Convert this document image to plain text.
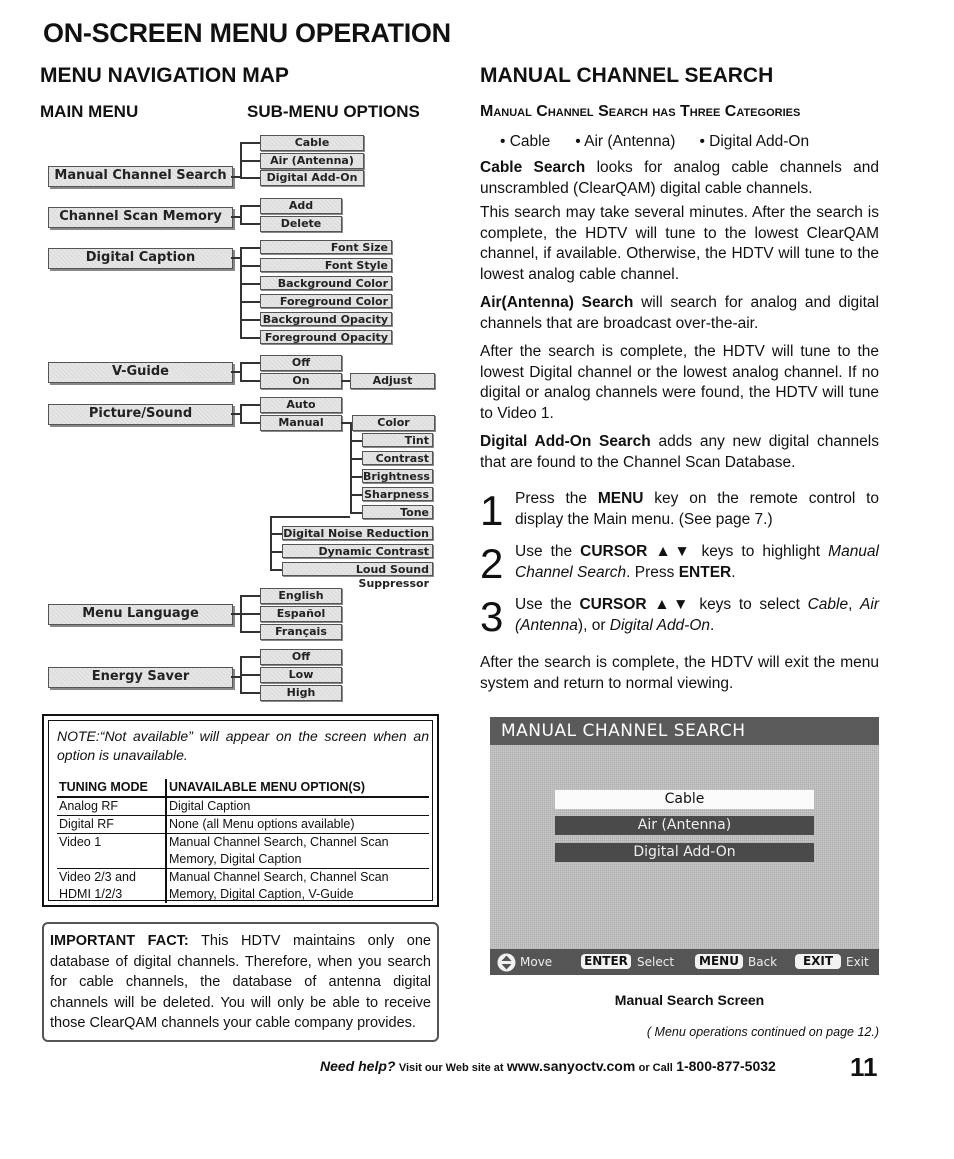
ON-SCREEN MENU OPERATION
MENU NAVIGATION MAP	MANUAL CHANNEL SEARCH
MAIN MENU	SUB-MENU OPTIONS
Manual Channel Search
Cable
Air (Antenna)
Digital Add-On
Channel Scan Memory
Add
Delete
Digital Caption
Font Size
Font Style
Background Color
Foreground Color
Background Opacity
Foreground Opacity
V-Guide
Off
On	Adjust
Picture/Sound
Auto
Manual	Color
Tint
Contrast
Brightness
Sharpness
Tone
Digital Noise Reduction
Dynamic Contrast
Loud Sound Suppressor
Menu Language
English
Español
Français
Energy Saver
Off
Low
High
NOTE:“Not available” will appear on the screen when an option is unavailable.
TUNING MODE	UNAVAILABLE MENU OPTION(S)
Analog RF	Digital Caption
Digital RF	None (all Menu options available)
Video 1	Manual Channel Search, Channel Scan Memory, Digital Caption
Video 2/3 and HDMI 1/2/3	Manual Channel Search, Channel Scan Memory, Digital Caption, V-Guide
IMPORTANT FACT: This HDTV maintains only one database of digital channels. Therefore, when you search for cable channels, the database of antenna digital channels will be deleted. You will only be able to receive those ClearQAM channels your cable company provides.
Manual Channel Search has Three Categories
• Cable • Air (Antenna) • Digital Add-On

Cable Search looks for analog cable channels and unscrambled (ClearQAM) digital cable channels.

This search may take several minutes. After the search is complete, the HDTV will tune to the lowest ClearQAM channel, if available. Otherwise, the HDTV will tune to the lowest analog cable channel.

Air(Antenna) Search will search for analog and digital channels that are broadcast over-the-air.

After the search is complete, the HDTV will tune to the lowest Digital channel or the lowest analog channel. If no digital or analog channels were found, the HDTV will tune to Video 1.

Digital Add-On Search adds any new digital channels that are found to the Channel Scan Database.

1 Press the MENU key on the remote control to display the Main menu. (See page 7.)

2 Use the CURSOR ▲▼ keys to highlight Manual Channel Search. Press ENTER.

3 Use the CURSOR ▲▼ keys to select Cable, Air (Antenna), or Digital Add-On.

After the search is complete, the HDTV will exit the menu system and return to normal viewing.

MANUAL CHANNEL SEARCH
Cable
Air (Antenna)
Digital Add-On
Move	ENTER Select	MENU Back	EXIT	Exit
Manual Search Screen
( Menu operations continued on page 12.)
Need help? Visit our Web site at www.sanyoctv.com or Call 1-800-877-5032	11
